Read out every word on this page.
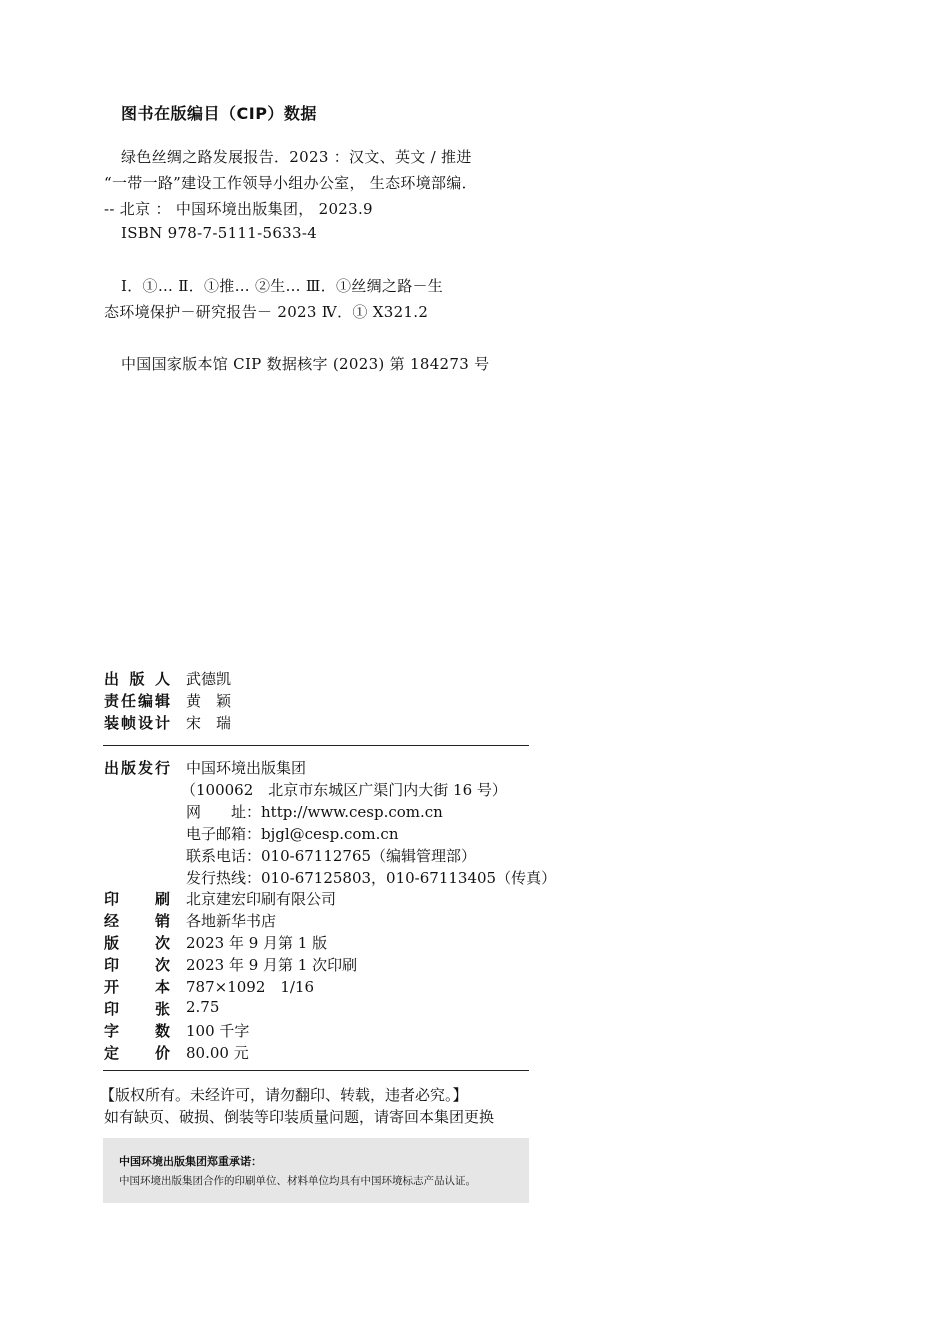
图书在版编目（CIP）数据
绿色丝绸之路发展报告．2023 ：汉文、英文 / 推进
“一带一路”建设工作领导小组办公室， 生态环境部编．
-- 北京 ： 中国环境出版集团， 2023.9
ISBN 978-7-5111-5633-4
Ⅰ．①… Ⅱ．①推… ②生… Ⅲ．①丝绸之路－生
态环境保护－研究报告－ 2023 Ⅳ．① X321.2
中国国家版本馆 CIP 数据核字 (2023) 第 184273 号

出 版 人

武德凯

责 任 编 辑

黄　颖

装 帧 设 计

宋　瑞

出 版 发 行

中国环境出版集团

（100062　北京市东城区广渠门内大街 16 号）
网　　址：http://www.cesp.com.cn
电子邮箱：bjgl@cesp.com.cn
联系电话：010-67112765（编辑管理部）
发行热线：010-67125803，010-67113405（传真）

印 刷

北京建宏印刷有限公司

经 销

各地新华书店

版 次

2023 年 9 月第 1 版

印 次

2023 年 9 月第 1 次印刷

开 本

787×1092　1/16

印 张

2.75

字 数

100 千字

定 价

80.00 元

【版权所有。未经许可，请勿翻印、转载，违者必究。】
如有缺页、破损、倒装等印装质量问题，请寄回本集团更换
中国环境出版集团郑重承诺：
中国环境出版集团合作的印刷单位、材料单位均具有中国环境标志产品认证。
